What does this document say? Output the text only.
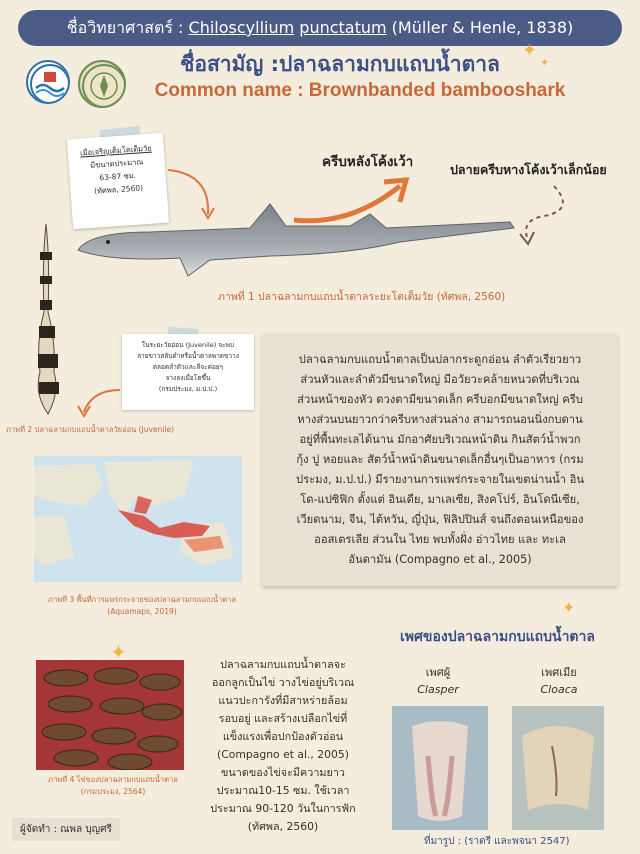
ชื่อวิทยาศาสตร์ : Chiloscyllium punctatum (Müller & Henle, 1838)
ชื่อสามัญ :ปลาฉลามกบแถบน้ำตาล
Common name : Brownbanded bambooshark
✦
✦
เมื่อเจริญเต็มโตเต็มวัย
มีขนาดประมาณ
63-87 ซม.
(ทัศพล, 2560)
ครีบหลังโค้งเว้า	ปลายครีบหางโค้งเว้าเล็กน้อย
ภาพที่ 1 ปลาฉลามกบแถบน้ำตาลระยะโตเต็มวัย (ทัศพล, 2560)
ในระยะวัยอ่อน (Juvenile) จะพบ
ลายขาวสลับดำหรือน้ำตาลพาดขวาง
ตลอดลำตัวและลีจะค่อยๆ
จางลงเมื่อโตขึ้น
(กรมประมง, ม.ป.ป.)
ภาพที่ 2 ปลาฉลามกบแถบน้ำตาลวัยอ่อน (Juvenile)
ปลาฉลามกบแถบน้ำตาลเป็นปลากระดูกอ่อน ลำตัวเรียวยาว
ส่วนหัวและลำตัวมีขนาดใหญ่ มีอวัยวะคล้ายหนวดที่บริเวณ
ส่วนหน้าของหัว ดวงตามีขนาดเล็ก ครีบอกมีขนาดใหญ่ ครีบ
หางส่วนบนยาวกว่าครีบหางส่วนล่าง สามารถนอนนิ่งกบดาน
อยู่ที่พื้นทะเลได้นาน มักอาศัยบริเวณหน้าดิน กินสัตว์น้ำพวก
กุ้ง ปู หอยและ สัตว์น้ำหน้าดินขนาดเล็กอื่นๆเป็นอาหาร (กรม
ประมง, ม.ป.ป.) มีรายงานการแพร่กระจายในเขตน่านน้ำ อิน
โด-แปซิฟิก ตั้งแต่ อินเดีย, มาเลเซีย, สิงคโปร์, อินโดนีเซีย,
เวียดนาม, จีน, ไต้หวัน, ญี่ปุ่น, ฟิลิปปินส์ จนถึงตอนเหนือของ
ออสเตรเลีย ส่วนใน ไทย พบทั้งฝั่ง อ่าวไทย และ ทะเล
อันดามัน (Compagno et al., 2005)
ภาพที่ 3 พื้นที่การแพร่กระจายของปลาฉลามกบแถบน้ำตาล
(Aquamaps, 2019)
✦
ภาพที่ 4 ไข่ของปลาฉลามกบแถบน้ำตาล
(กรมประมง, 2564)
ปลาฉลามกบแถบน้ำตาลจะ
ออกลูกเป็นไข่ วางไข่อยู่บริเวณ
แนวปะการังที่มีสาหร่ายล้อม
รอบอยู่ และสร้างเปลือกไข่ที่
แข็งแรงเพื่อปกป้องตัวอ่อน
(Compagno et al., 2005)
ขนาดของไข่จะมีความยาว
ประมาณ10-15 ซม. ใช้เวลา
ประมาณ 90-120 วันในการฟัก
(ทัศพล, 2560)
✦
เพศของปลาฉลามกบแถบน้ำตาล
เพศผู้
Clasper
เพศเมีย
Cloaca
ที่มารูป : (ราตรี และพจนา 2547)
ผู้จัดทำ : ณพล บุญศรี
